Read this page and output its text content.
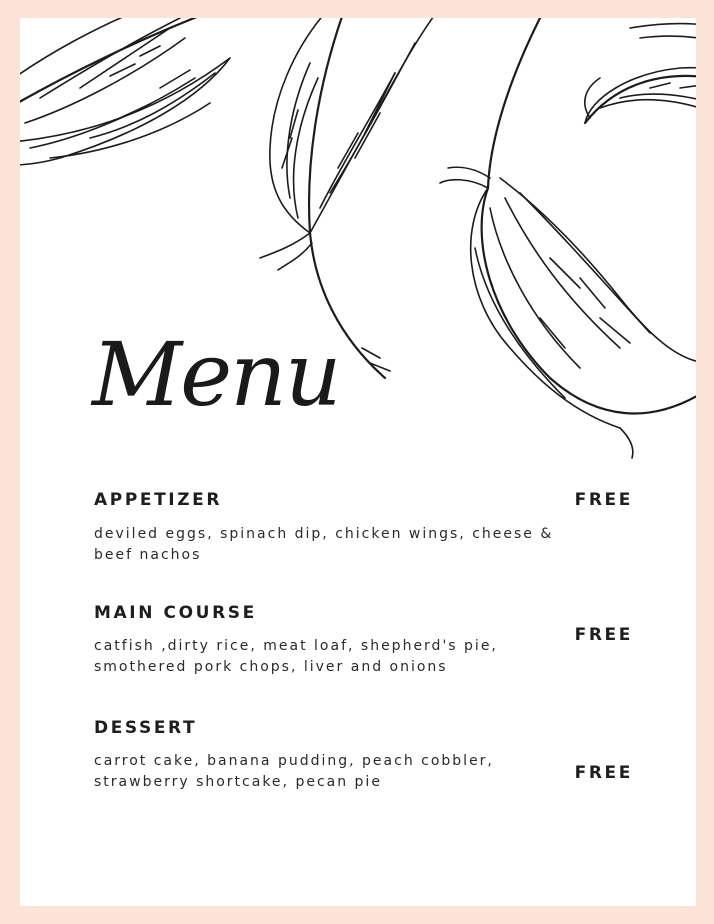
Menu
APPETIZER

deviled eggs, spinach dip, chicken wings, cheese & beef nachos

FREE
MAIN COURSE

catfish ,dirty rice, meat loaf, shepherd's pie, smothered pork chops, liver and onions

FREE
DESSERT

carrot cake, banana pudding, peach cobbler, strawberry shortcake, pecan pie	FREE
